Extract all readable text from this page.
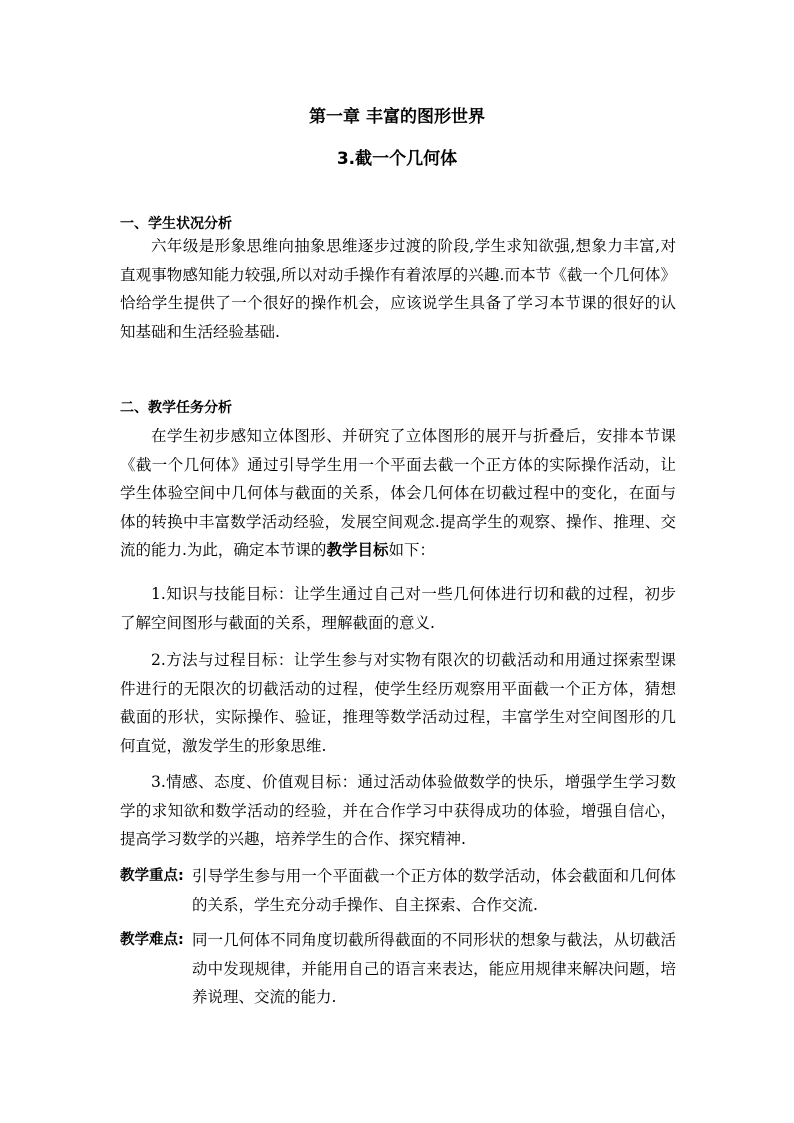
第一章 丰富的图形世界
3.截一个几何体
一、学生状况分析

六年级是形象思维向抽象思维逐步过渡的阶段,学生求知欲强,想象力丰富,对直观事物感知能力较强,所以对动手操作有着浓厚的兴趣.而本节《截一个几何体》恰给学生提供了一个很好的操作机会，应该说学生具备了学习本节课的很好的认知基础和生活经验基础.

二、教学任务分析

在学生初步感知立体图形、并研究了立体图形的展开与折叠后，安排本节课《截一个几何体》通过引导学生用一个平面去截一个正方体的实际操作活动，让学生体验空间中几何体与截面的关系，体会几何体在切截过程中的变化，在面与体的转换中丰富数学活动经验，发展空间观念.提高学生的观察、操作、推理、交流的能力.为此，确定本节课的教学目标如下：

1.知识与技能目标：让学生通过自己对一些几何体进行切和截的过程，初步了解空间图形与截面的关系，理解截面的意义.

2.方法与过程目标：让学生参与对实物有限次的切截活动和用通过探索型课件进行的无限次的切截活动的过程，使学生经历观察用平面截一个正方体，猜想截面的形状，实际操作、验证，推理等数学活动过程，丰富学生对空间图形的几何直觉，激发学生的形象思维.

3.情感、态度、价值观目标：通过活动体验做数学的快乐，增强学生学习数学的求知欲和数学活动的经验，并在合作学习中获得成功的体验，增强自信心，提高学习数学的兴趣，培养学生的合作、探究精神.

教学重点: 引导学生参与用一个平面截一个正方体的数学活动，体会截面和几何体的关系，学生充分动手操作、自主探索、合作交流.
教学难点: 同一几何体不同角度切截所得截面的不同形状的想象与截法，从切截活动中发现规律，并能用自己的语言来表达，能应用规律来解决问题，培养说理、交流的能力.
